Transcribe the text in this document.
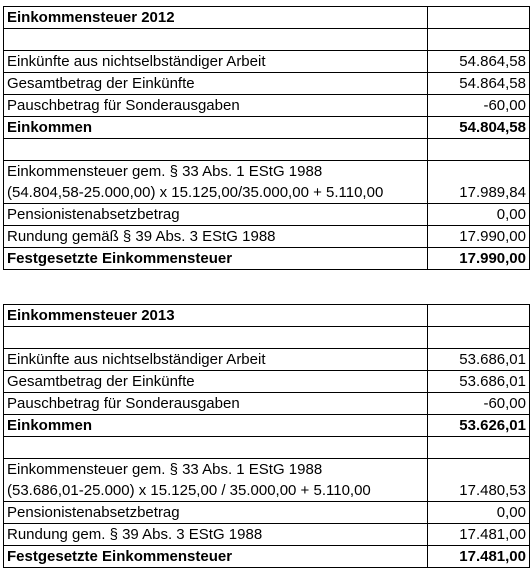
Einkommensteuer 2012	

Einkünfte aus nichtselbständiger Arbeit	54.864,58
Gesamtbetrag der Einkünfte	54.864,58
Pauschbetrag für Sonderausgaben	-60,00
Einkommen	54.804,58

Einkommensteuer gem. § 33 Abs. 1 EStG 1988	
(54.804,58-25.000,00) x 15.125,00/35.000,00 + 5.110,00	17.989,84
Pensionistenabsetzbetrag	0,00
Rundung gemäß § 39 Abs. 3 EStG 1988	17.990,00
Festgesetzte Einkommensteuer	17.990,00
Einkommensteuer 2013	

Einkünfte aus nichtselbständiger Arbeit	53.686,01
Gesamtbetrag der Einkünfte	53.686,01
Pauschbetrag für Sonderausgaben	-60,00
Einkommen	53.626,01

Einkommensteuer gem. § 33 Abs. 1 EStG 1988	
(53.686,01-25.000) x 15.125,00 / 35.000,00 + 5.110,00	17.480,53
Pensionistenabsetzbetrag	0,00
Rundung gem. § 39 Abs. 3 EStG 1988	17.481,00
Festgesetzte Einkommensteuer	17.481,00
